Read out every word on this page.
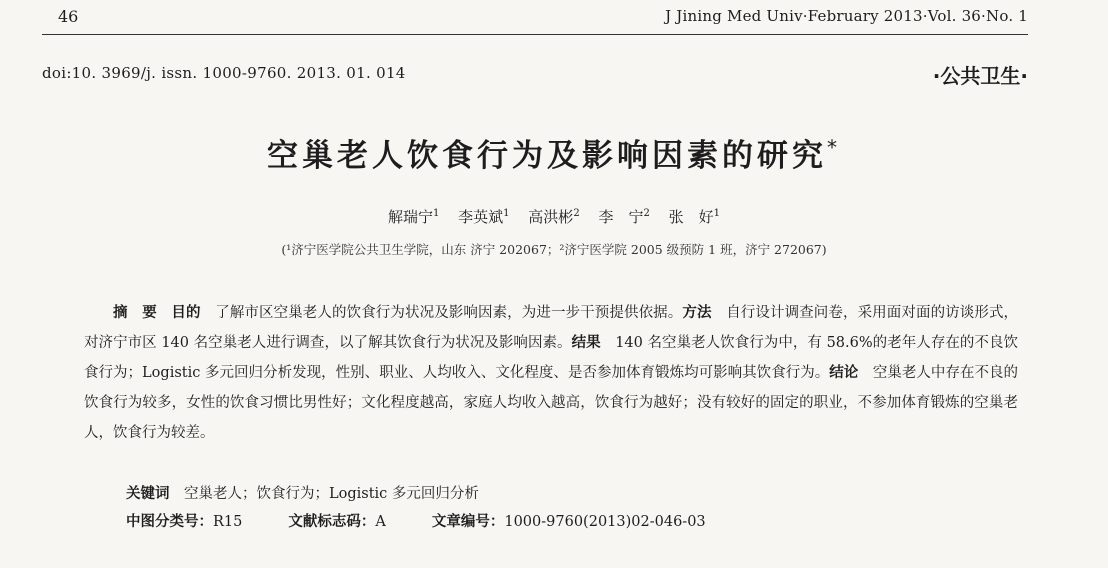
46	J Jining Med Univ·February 2013·Vol. 36·No. 1
doi:10. 3969/j. issn. 1000-9760. 2013. 01. 014	·公共卫生·
空巢老人饮食行为及影响因素的研究*
解瑞宁$^1$ 李英斌$^1$ 高洪彬$^2$ 李　宁$^2$ 张　好$^1$
(¹济宁医学院公共卫生学院，山东 济宁 202067；²济宁医学院 2005 级预防 1 班，济宁 272067)
摘　要　 目的　 了解市区空巢老人的饮食行为状况及影响因素，为进一步干预提供依据。方法　 自行设计调查问卷，采用面对面的访谈形式，对济宁市区 140 名空巢老人进行调查，以了解其饮食行为状况及影响因素。结果　 140 名空巢老人饮食行为中，有 58.6%的老年人存在的不良饮食行为；Logistic 多元回归分析发现，性别、职业、人均收入、文化程度、是否参加体育锻炼均可影响其饮食行为。结论　 空巢老人中存在不良的饮食行为较多，女性的饮食习惯比男性好；文化程度越高，家庭人均收入越高，饮食行为越好；没有较好的固定的职业，不参加体育锻炼的空巢老人，饮食行为较差。
关键词　 空巢老人；饮食行为；Logistic 多元回归分析
中图分类号：R15	文献标志码：A	文章编号：1000-9760(2013)02-046-03
